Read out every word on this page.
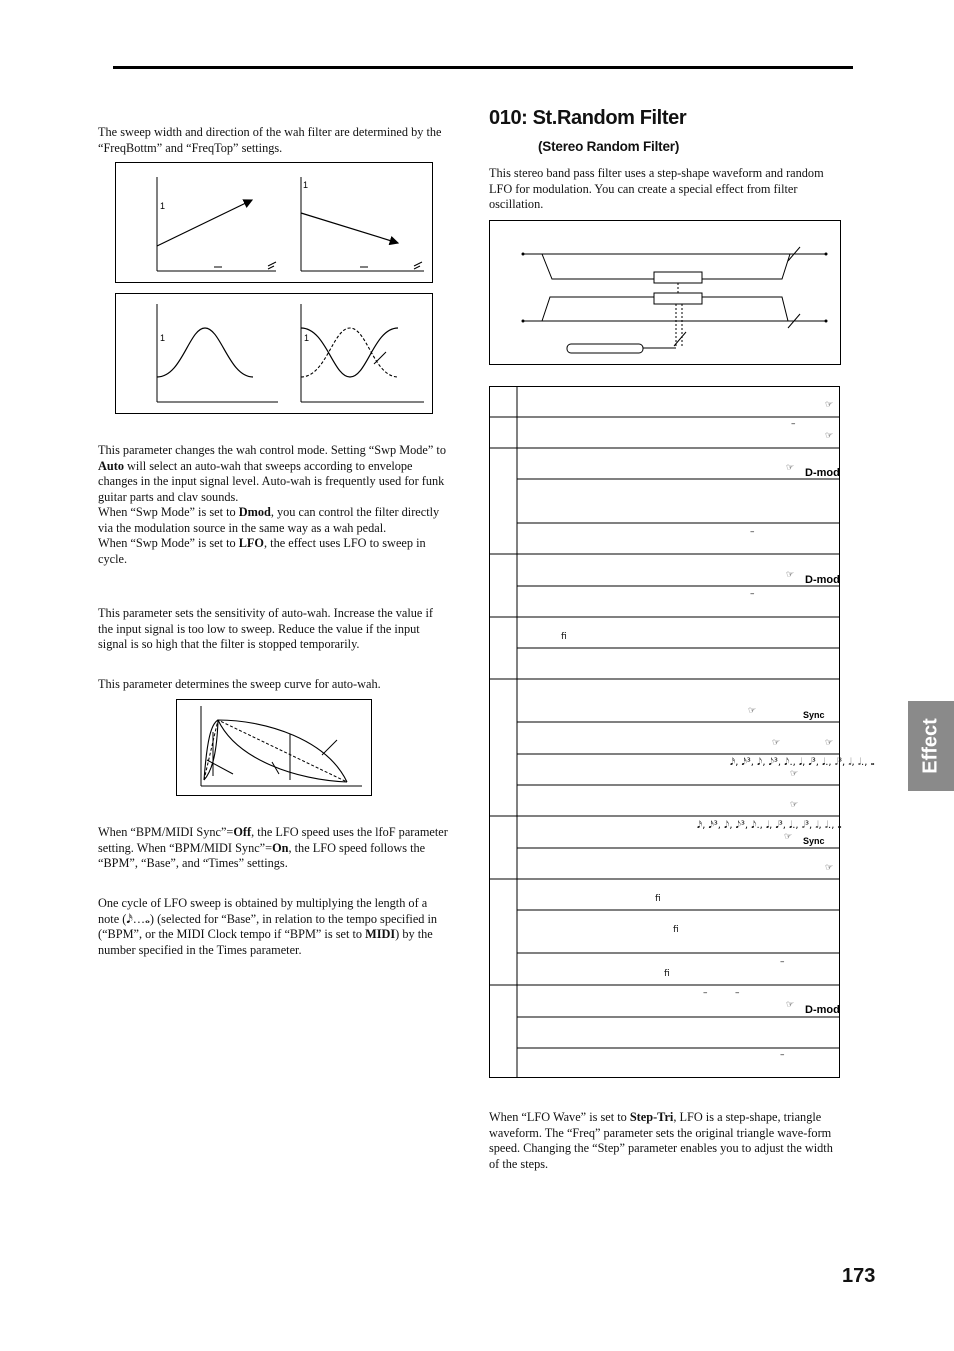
The sweep width and direction of the wah filter are determined by the “FreqBottm” and “FreqTop” settings.
1
1
1	1
This parameter changes the wah control mode. Setting “Swp Mode” to Auto will select an auto-wah that sweeps according to envelope changes in the input signal level. Auto-wah is frequently used for funk guitar parts and clav sounds.
When “Swp Mode” is set to Dmod, you can control the filter directly via the modulation source in the same way as a wah pedal.
When “Swp Mode” is set to LFO, the effect uses LFO to sweep in cycle.
This parameter sets the sensitivity of auto-wah. Increase the value if the input signal is too low to sweep. Reduce the value if the input signal is so high that the filter is stopped temporarily.
This parameter determines the sweep curve for auto-wah.
When “BPM/MIDI Sync”=Off, the LFO speed uses the lfoF parameter setting. When “BPM/MIDI Sync”=On, the LFO speed follows the “BPM”, “Base”, and “Times” settings.
One cycle of LFO sweep is obtained by multiplying the length of a note (𝅘𝅥𝅯…𝅝) (selected for “Base”, in relation to the tempo specified in (“BPM”, or the MIDI Clock tempo if “BPM” is set to MIDI) by the number specified in the Times parameter.
010: St.Random Filter
(Stereo Random Filter)
This stereo band pass filter uses a step-shape waveform and random LFO for modulation. You can create a special effect from filter oscillation.
☞
–
☞
☞ D-mod
–
☞ D-mod
–
ﬁ
☞	Sync
☞	☞
𝅘𝅥𝅯, 𝅘𝅥𝅯³, 𝅘𝅥𝅮, 𝅘𝅥𝅮³, 𝅘𝅥𝅮., 𝅘𝅥, 𝅘𝅥³, 𝅘𝅥., 𝅗𝅥³, 𝅗𝅥, 𝅗𝅥., 𝅝
☞
☞
𝅘𝅥𝅯, 𝅘𝅥𝅯³, 𝅘𝅥𝅮, 𝅘𝅥𝅮³, 𝅘𝅥𝅮., 𝅘𝅥, 𝅘𝅥³, 𝅘𝅥., 𝅗𝅥³, 𝅗𝅥, 𝅗𝅥., 𝅝
☞ Sync
☞
ﬁ
ﬁ
–
ﬁ
–	–
☞ D-mod
–
When “LFO Wave” is set to Step-Tri, LFO is a step-shape, triangle waveform. The “Freq” parameter sets the original triangle wave-form speed. Changing the “Step” parameter enables you to adjust the width of the steps.
Effect
173
